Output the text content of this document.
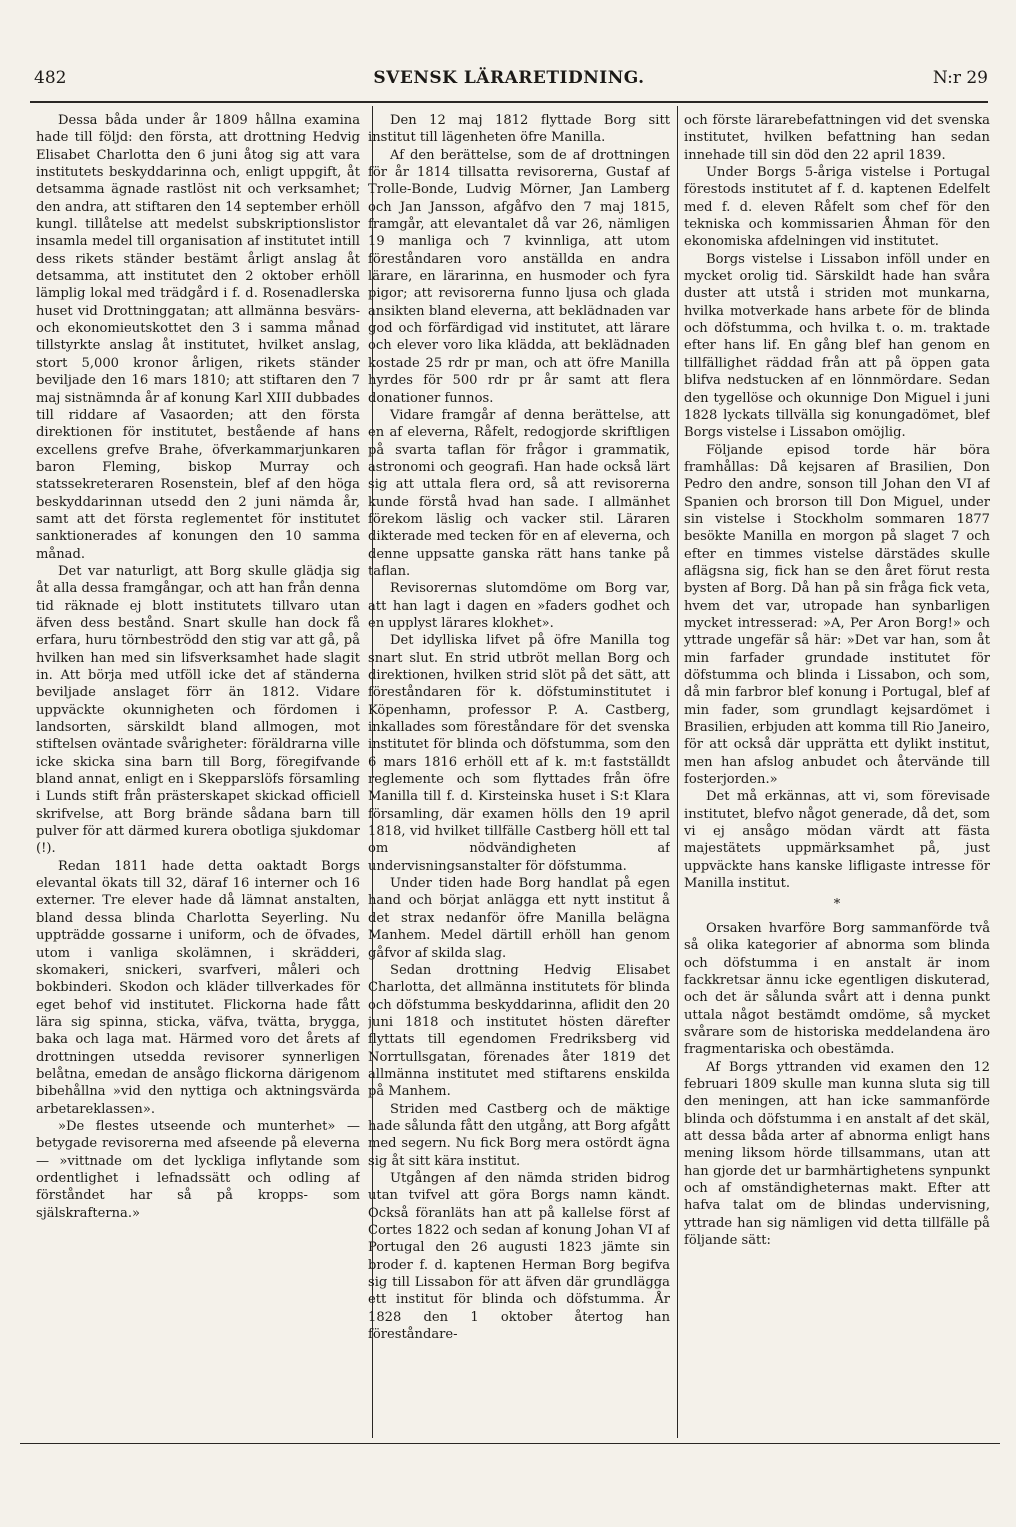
482	SVENSK LÄRARETIDNING.	N:r 29

Dessa båda under år 1809 hållna examina hade till följd: den första, att drottning Hedvig Elisabet Charlotta den 6 juni åtog sig att vara institutets beskyddarinna och, enligt uppgift, åt detsamma ägnade rastlöst nit och verksamhet; den andra, att stiftaren den 14 september erhöll kungl. tillåtelse att medelst subskriptionslistor insamla medel till organisation af institutet intill dess rikets ständer bestämt årligt anslag åt detsamma, att institutet den 2 oktober erhöll lämplig lokal med trädgård i f. d. Rosenadlerska huset vid Drottninggatan; att allmänna besvärs- och ekonomieutskottet den 3 i samma månad tillstyrkte anslag åt institutet, hvilket anslag, stort 5,000 kronor årligen, rikets ständer beviljade den 16 mars 1810; att stiftaren den 7 maj sistnämnda år af konung Karl XIII dubbades till riddare af Vasaorden; att den första direktionen för institutet, bestående af hans excellens grefve Brahe, öfverkammarjunkaren baron Fleming, biskop Murray och statssekreteraren Rosenstein, blef af den höga beskyddarinnan utsedd den 2 juni nämda år, samt att det första reglementet för institutet sanktionerades af konungen den 10 samma månad.

Det var naturligt, att Borg skulle glädja sig åt alla dessa framgångar, och att han från denna tid räknade ej blott institutets tillvaro utan äfven dess bestånd. Snart skulle han dock få erfara, huru törnbeströdd den stig var att gå, på hvilken han med sin lifsverksamhet hade slagit in. Att börja med utföll icke det af ständerna beviljade anslaget förr än 1812. Vidare uppväckte okunnigheten och fördomen i landsorten, särskildt bland allmogen, mot stiftelsen oväntade svårigheter: föräldrarna ville icke skicka sina barn till Borg, föregifvande bland annat, enligt en i Skepparslöfs församling i Lunds stift från prästerskapet skickad officiell skrifvelse, att Borg brände sådana barn till pulver för att därmed kurera obotliga sjukdomar (!).

Redan 1811 hade detta oaktadt Borgs elevantal ökats till 32, däraf 16 interner och 16 externer. Tre elever hade då lämnat anstalten, bland dessa blinda Charlotta Seyerling. Nu uppträdde gossarne i uniform, och de öfvades, utom i vanliga skolämnen, i skrädderi, skomakeri, snickeri, svarfveri, måleri och bokbinderi. Skodon och kläder tillverkades för eget behof vid institutet. Flickorna hade fått lära sig spinna, sticka, väfva, tvätta, brygga, baka och laga mat. Härmed voro det årets af drottningen utsedda revisorer synnerligen belåtna, emedan de ansågo flickorna därigenom bibehållna »vid den nyttiga och aktningsvärda arbetareklassen».

»De flestes utseende och munterhet» — betygade revisorerna med afseende på eleverna — »vittnade om det lyckliga inflytande som ordentlighet i lefnadssätt och odling af förståndet har så på kropps- som själskrafterna.»

Den 12 maj 1812 flyttade Borg sitt institut till lägenheten öfre Manilla.

Af den berättelse, som de af drottningen för år 1814 tillsatta revisorerna, Gustaf af Trolle-Bonde, Ludvig Mörner, Jan Lamberg och Jan Jansson, afgåfvo den 7 maj 1815, framgår, att elevantalet då var 26, nämligen 19 manliga och 7 kvinnliga, att utom föreståndaren voro anställda en andra lärare, en lärarinna, en husmoder och fyra pigor; att revisorerna funno ljusa och glada ansikten bland eleverna, att beklädnaden var god och förfärdigad vid institutet, att lärare och elever voro lika klädda, att beklädnaden kostade 25 rdr pr man, och att öfre Manilla hyrdes för 500 rdr pr år samt att flera donationer funnos.

Vidare framgår af denna berättelse, att en af eleverna, Råfelt, redogjorde skriftligen på svarta taflan för frågor i grammatik, astronomi och geografi. Han hade också lärt sig att uttala flera ord, så att revisorerna kunde förstå hvad han sade. I allmänhet förekom läslig och vacker stil. Läraren dikterade med tecken för en af eleverna, och denne uppsatte ganska rätt hans tanke på taflan.

Revisorernas slutomdöme om Borg var, att han lagt i dagen en »faders godhet och en upplyst lärares klokhet».

Det idylliska lifvet på öfre Manilla tog snart slut. En strid utbröt mellan Borg och direktionen, hvilken strid slöt på det sätt, att föreståndaren för k. döfstuminstitutet i Köpenhamn, professor P. A. Castberg, inkallades som föreståndare för det svenska institutet för blinda och döfstumma, som den 6 mars 1816 erhöll ett af k. m:t fastställdt reglemente och som flyttades från öfre Manilla till f. d. Kirsteinska huset i S:t Klara församling, där examen hölls den 19 april 1818, vid hvilket tillfälle Castberg höll ett tal om nödvändigheten af undervisningsanstalter för döfstumma.

Under tiden hade Borg handlat på egen hand och börjat anlägga ett nytt institut å det strax nedanför öfre Manilla belägna Manhem. Medel därtill erhöll han genom gåfvor af skilda slag.

Sedan drottning Hedvig Elisabet Charlotta, det allmänna institutets för blinda och döfstumma beskyddarinna, aflidit den 20 juni 1818 och institutet hösten därefter flyttats till egendomen Fredriksberg vid Norrtullsgatan, förenades åter 1819 det allmänna institutet med stiftarens enskilda på Manhem.

Striden med Castberg och de mäktige hade sålunda fått den utgång, att Borg afgått med segern. Nu fick Borg mera ostördt ägna sig åt sitt kära institut.

Utgången af den nämda striden bidrog utan tvifvel att göra Borgs namn kändt. Också föranläts han att på kallelse först af Cortes 1822 och sedan af konung Johan VI af Portugal den 26 augusti 1823 jämte sin broder f. d. kaptenen Herman Borg begifva sig till Lissabon för att äfven där grundlägga ett institut för blinda och döfstumma. År 1828 den 1 oktober återtog han föreståndare-

och förste lärarebefattningen vid det svenska institutet, hvilken befattning han sedan innehade till sin död den 22 april 1839.

Under Borgs 5-åriga vistelse i Portugal förestods institutet af f. d. kaptenen Edelfelt med f. d. eleven Råfelt som chef för den tekniska och kommissarien Åhman för den ekonomiska afdelningen vid institutet.

Borgs vistelse i Lissabon inföll under en mycket orolig tid. Särskildt hade han svåra duster att utstå i striden mot munkarna, hvilka motverkade hans arbete för de blinda och döfstumma, och hvilka t. o. m. traktade efter hans lif. En gång blef han genom en tillfällighet räddad från att på öppen gata blifva nedstucken af en lönnmördare. Sedan den tygellöse och okunnige Don Miguel i juni 1828 lyckats tillvälla sig konungadömet, blef Borgs vistelse i Lissabon omöjlig.

Följande episod torde här böra framhållas: Då kejsaren af Brasilien, Don Pedro den andre, sonson till Johan den VI af Spanien och brorson till Don Miguel, under sin vistelse i Stockholm sommaren 1877 besökte Manilla en morgon på slaget 7 och efter en timmes vistelse därstädes skulle aflägsna sig, fick han se den året förut resta bysten af Borg. Då han på sin fråga fick veta, hvem det var, utropade han synbarligen mycket intresserad: »A, Per Aron Borg!» och yttrade ungefär så här: »Det var han, som åt min farfader grundade institutet för döfstumma och blinda i Lissabon, och som, då min farbror blef konung i Portugal, blef af min fader, som grundlagt kejsardömet i Brasilien, erbjuden att komma till Rio Janeiro, för att också där upprätta ett dylikt institut, men han afslog anbudet och återvände till fosterjorden.»

Det må erkännas, att vi, som förevisade institutet, blefvo något generade, då det, som vi ej ansågo mödan värdt att fästa majestätets uppmärksamhet på, just uppväckte hans kanske lifligaste intresse för Manilla institut.

*

Orsaken hvarföre Borg sammanförde två så olika kategorier af abnorma som blinda och döfstumma i en anstalt är inom fackkretsar ännu icke egentligen diskuterad, och det är sålunda svårt att i denna punkt uttala något bestämdt omdöme, så mycket svårare som de historiska meddelandena äro fragmentariska och obestämda.

Af Borgs yttranden vid examen den 12 februari 1809 skulle man kunna sluta sig till den meningen, att han icke sammanförde blinda och döfstumma i en anstalt af det skäl, att dessa båda arter af abnorma enligt hans mening liksom hörde tillsammans, utan att han gjorde det ur barmhärtighetens synpunkt och af omständigheternas makt. Efter att hafva talat om de blindas undervisning, yttrade han sig nämligen vid detta tillfälle på följande sätt:
